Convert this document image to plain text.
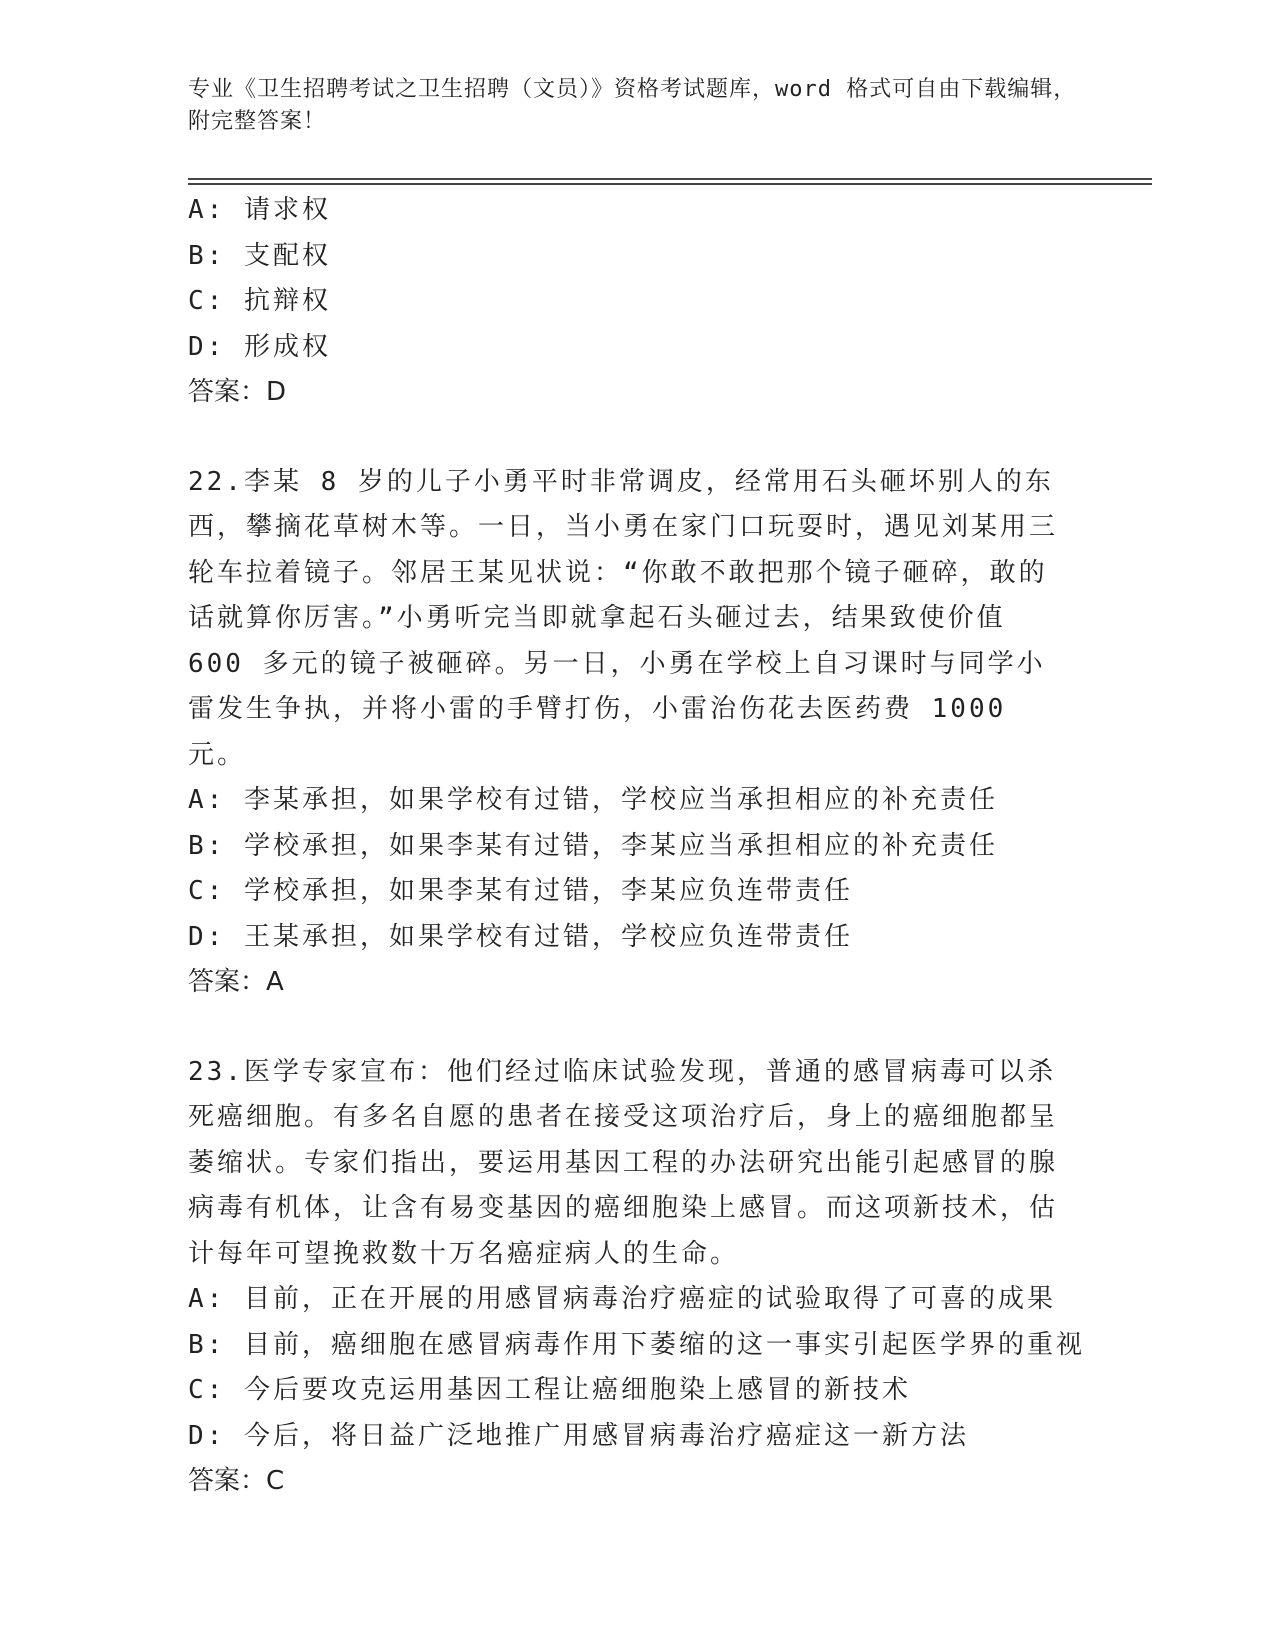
专业《卫生招聘考试之卫生招聘（文员）》资格考试题库，word 格式可自由下载编辑，附完整答案！
A: 请求权
B: 支配权
C: 抗辩权
D: 形成权
答案：D
22.李某 8 岁的儿子小勇平时非常调皮，经常用石头砸坏别人的东西，攀摘花草树木等。一日，当小勇在家门口玩耍时，遇见刘某用三轮车拉着镜子。邻居王某见状说：“你敢不敢把那个镜子砸碎，敢的话就算你厉害。”小勇听完当即就拿起石头砸过去，结果致使价值 600 多元的镜子被砸碎。另一日，小勇在学校上自习课时与同学小雷发生争执，并将小雷的手臂打伤，小雷治伤花去医药费 1000 元。
A: 李某承担，如果学校有过错，学校应当承担相应的补充责任
B: 学校承担，如果李某有过错，李某应当承担相应的补充责任
C: 学校承担，如果李某有过错，李某应负连带责任
D: 王某承担，如果学校有过错，学校应负连带责任
答案：A
23.医学专家宣布：他们经过临床试验发现，普通的感冒病毒可以杀死癌细胞。有多名自愿的患者在接受这项治疗后，身上的癌细胞都呈萎缩状。专家们指出，要运用基因工程的办法研究出能引起感冒的腺病毒有机体，让含有易变基因的癌细胞染上感冒。而这项新技术，估计每年可望挽救数十万名癌症病人的生命。
A: 目前，正在开展的用感冒病毒治疗癌症的试验取得了可喜的成果
B: 目前，癌细胞在感冒病毒作用下萎缩的这一事实引起医学界的重视
C: 今后要攻克运用基因工程让癌细胞染上感冒的新技术
D: 今后，将日益广泛地推广用感冒病毒治疗癌症这一新方法
答案：C
